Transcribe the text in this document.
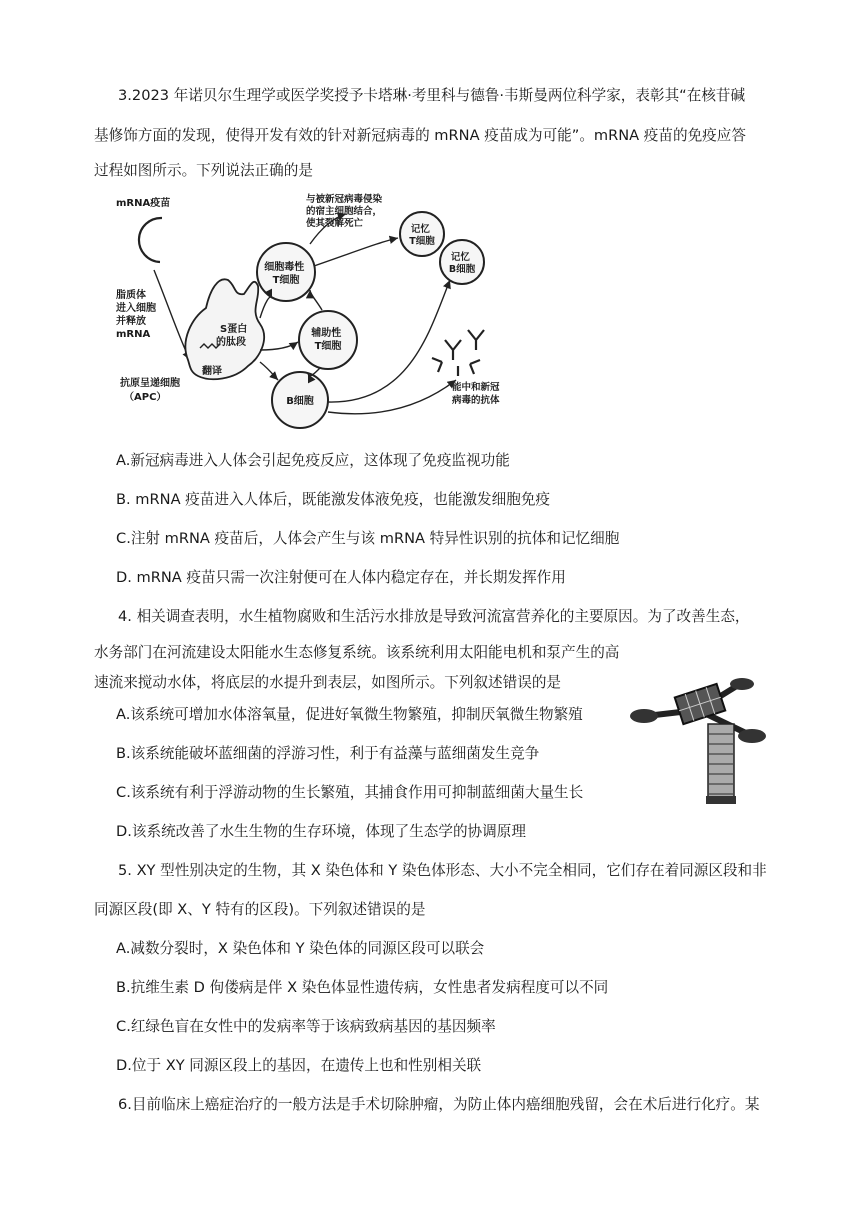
3.2023 年诺贝尔生理学或医学奖授予卡塔琳·考里科与德鲁·韦斯曼两位科学家，表彰其“在核苷碱
基修饰方面的发现，使得开发有效的针对新冠病毒的 mRNA 疫苗成为可能”。mRNA 疫苗的免疫应答
过程如图所示。下列说法正确的是
mRNA疫苗
脂质体 进入细胞 并释放 mRNA	S蛋白 的肽段
翻译
抗原呈递细胞 （APC）
细胞毒性 T细胞
辅助性 T细胞
B细胞
记忆 T细胞
记忆 B细胞
与被新冠病毒侵染 的宿主细胞结合， 使其裂解死亡
能中和新冠 病毒的抗体
A.新冠病毒进入人体会引起免疫反应，这体现了免疫监视功能
B. mRNA 疫苗进入人体后，既能激发体液免疫，也能激发细胞免疫
C.注射 mRNA 疫苗后，人体会产生与该 mRNA 特异性识别的抗体和记忆细胞
D. mRNA 疫苗只需一次注射便可在人体内稳定存在，并长期发挥作用
4. 相关调查表明，水生植物腐败和生活污水排放是导致河流富营养化的主要原因。为了改善生态，
水务部门在河流建设太阳能水生态修复系统。该系统利用太阳能电机和泵产生的高
速流来搅动水体，将底层的水提升到表层，如图所示。下列叙述错误的是
A.该系统可增加水体溶氧量，促进好氧微生物繁殖，抑制厌氧微生物繁殖
B.该系统能破坏蓝细菌的浮游习性，利于有益藻与蓝细菌发生竞争
C.该系统有利于浮游动物的生长繁殖，其捕食作用可抑制蓝细菌大量生长
D.该系统改善了水生生物的生存环境，体现了生态学的协调原理
5. XY 型性别决定的生物，其 X 染色体和 Y 染色体形态、大小不完全相同，它们存在着同源区段和非
同源区段(即 X、Y 特有的区段)。下列叙述错误的是
A.减数分裂时，X 染色体和 Y 染色体的同源区段可以联会
B.抗维生素 D 佝偻病是伴 X 染色体显性遗传病，女性患者发病程度可以不同
C.红绿色盲在女性中的发病率等于该病致病基因的基因频率
D.位于 XY 同源区段上的基因，在遗传上也和性别相关联
6.目前临床上癌症治疗的一般方法是手术切除肿瘤，为防止体内癌细胞残留，会在术后进行化疗。某
